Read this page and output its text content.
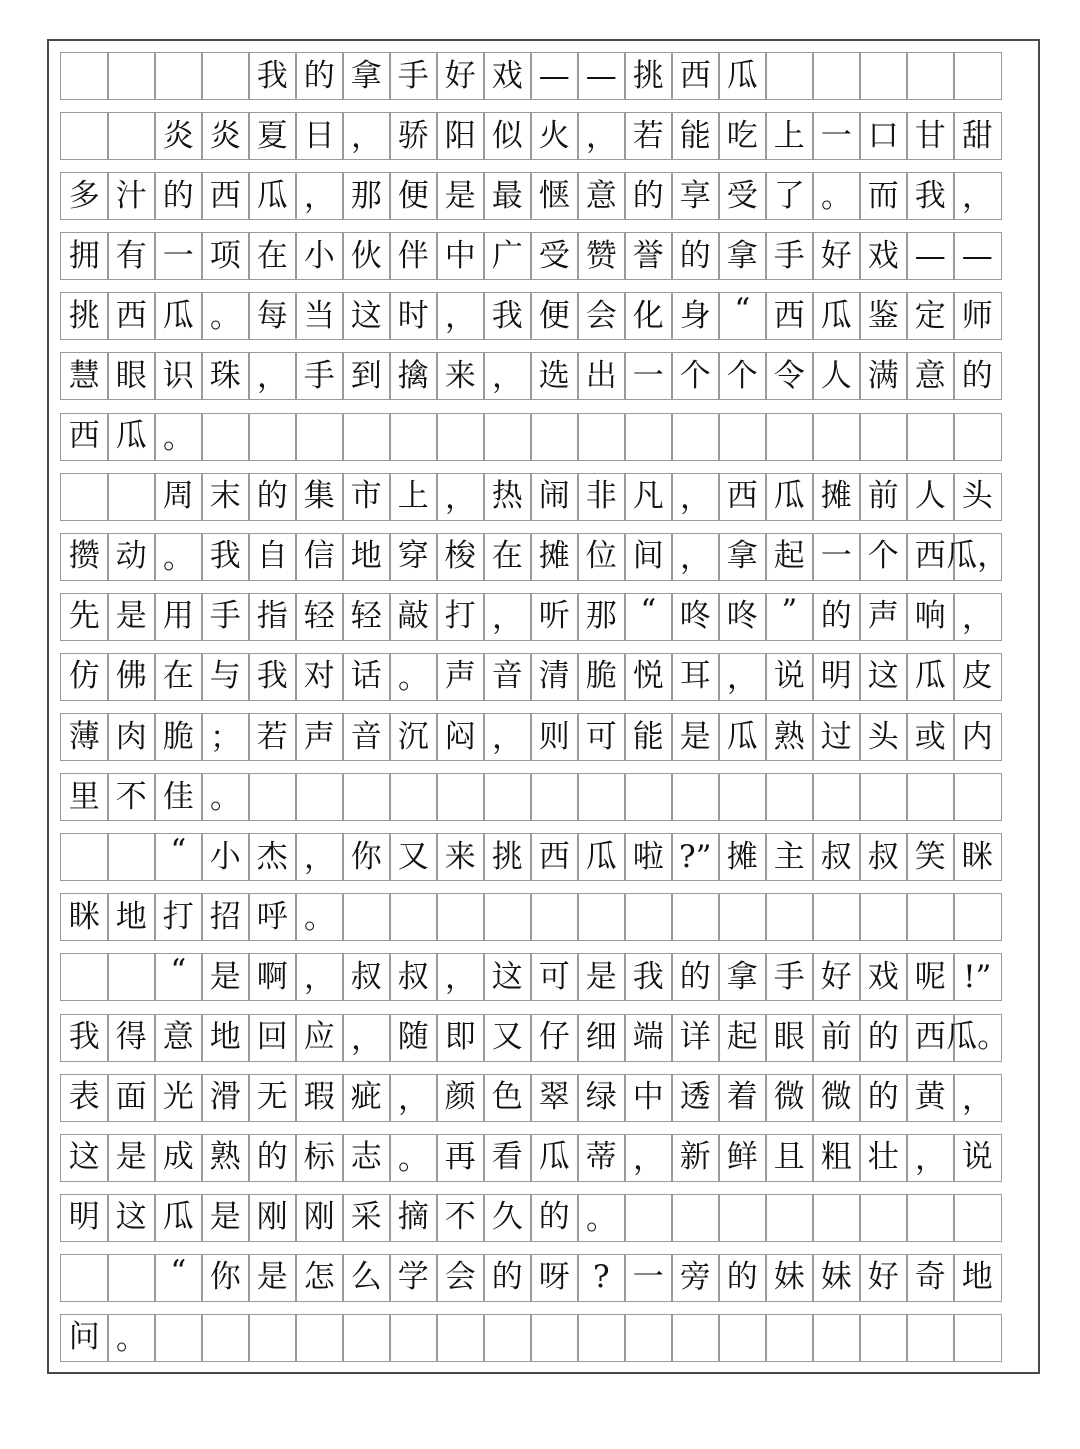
我 的 拿 手 好 戏 — — 挑 西 瓜
炎 炎 夏 日 ， 骄 阳 似 火 ， 若 能 吃 上 一 口 甘 甜
多 汁 的 西 瓜 ， 那 便 是 最 惬 意 的 享 受 了 。 而 我 ，
拥 有 一 项 在 小 伙 伴 中 广 受 赞 誉 的 拿 手 好 戏 — —
挑 西 瓜 。 每 当 这 时 ， 我 便 会 化 身 “ 西 瓜 鉴 定 师
慧 眼 识 珠 ， 手 到 擒 来 ， 选 出 一 个 个 令 人 满 意 的
西 瓜 。
周 末 的 集 市 上 ， 热 闹 非 凡 ， 西 瓜 摊 前 人 头
攒 动 。 我 自 信 地 穿 梭 在 摊 位 间 ， 拿 起 一 个 西 瓜，
先 是 用 手 指 轻 轻 敲 打 ， 听 那 “ 咚 咚 ” 的 声 响 ，
仿 佛 在 与 我 对 话 。 声 音 清 脆 悦 耳 ， 说 明 这 瓜 皮
薄 肉 脆 ； 若 声 音 沉 闷 ， 则 可 能 是 瓜 熟 过 头 或 内
里 不 佳 。
“ 小 杰 ， 你 又 来 挑 西 瓜 啦 ?” 摊 主 叔 叔 笑 眯
眯 地 打 招 呼 。
“ 是 啊 ， 叔 叔 ， 这 可 是 我 的 拿 手 好 戏 呢 !”
我 得 意 地 回 应 ， 随 即 又 仔 细 端 详 起 眼 前 的 西 瓜。
表 面 光 滑 无 瑕 疵 ， 颜 色 翠 绿 中 透 着 微 微 的 黄 ，
这 是 成 熟 的 标 志 。 再 看 瓜 蒂 ， 新 鲜 且 粗 壮 ， 说
明 这 瓜 是 刚 刚 采 摘 不 久 的 。
“ 你 是 怎 么 学 会 的 呀 ? 一 旁 的 妹 妹 好 奇 地
问 。
